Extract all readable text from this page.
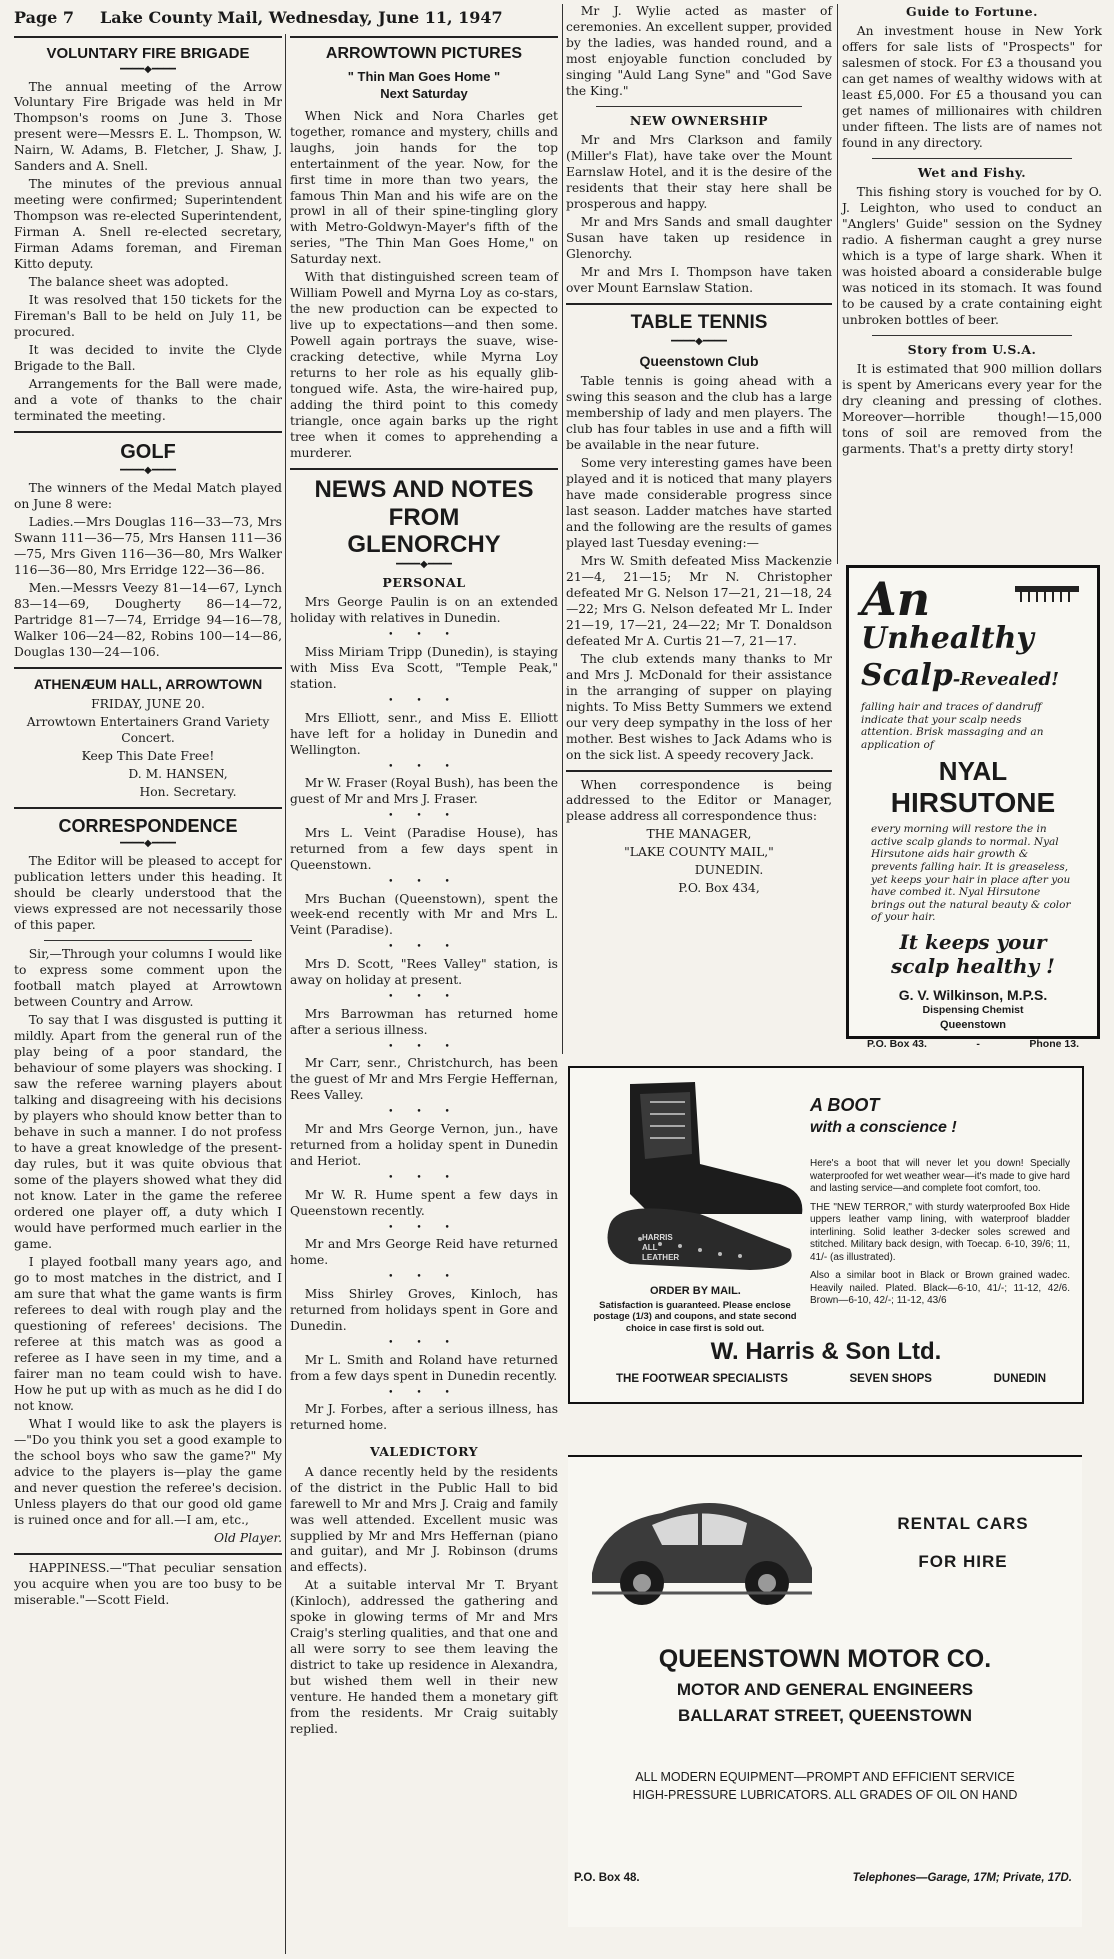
Page 7 Lake County Mail, Wednesday, June 11, 1947
VOLUNTARY FIRE BRIGADE
━━━━◆━━━━

The annual meeting of the Arrow Voluntary Fire Brigade was held in Mr Thompson's rooms on June 3. Those present were—Messrs E. L. Thompson, W. Nairn, W. Adams, B. Fletcher, J. Shaw, J. Sanders and A. Snell.

The minutes of the previous annual meeting were confirmed; Superintendent Thompson was re-elected Superintendent, Firman A. Snell re-elected secretary, Firman Adams foreman, and Fireman Kitto deputy.

The balance sheet was adopted.

It was resolved that 150 tickets for the Fireman's Ball to be held on July 11, be procured.

It was decided to invite the Clyde Brigade to the Ball.

Arrangements for the Ball were made, and a vote of thanks to the chair terminated the meeting.

GOLF
━━━━◆━━━━

The winners of the Medal Match played on June 8 were:

Ladies.—Mrs Douglas 116—33—73, Mrs Swann 111—36—75, Mrs Hansen 111—36—75, Mrs Given 116—36—80, Mrs Walker 116—36—80, Mrs Erridge 122—36—86.

Men.—Messrs Veezy 81—14—67, Lynch 83—14—69, Dougherty 86—14—72, Partridge 81—7—74, Erridge 94—16—78, Walker 106—24—82, Robins 100—14—86, Douglas 130—24—106.

ATHENÆUM HALL, ARROWTOWN

FRIDAY, JUNE 20.

Arrowtown Entertainers Grand Variety Concert.

Keep This Date Free!

D. M. HANSEN,

Hon. Secretary.

CORRESPONDENCE
━━━━◆━━━━

The Editor will be pleased to accept for publication letters under this heading. It should be clearly understood that the views expressed are not necessarily those of this paper.

Sir,—Through your columns I would like to express some comment upon the football match played at Arrowtown between Country and Arrow.

To say that I was disgusted is putting it mildly. Apart from the general run of the play being of a poor standard, the behaviour of some players was shocking. I saw the referee warning players about talking and disagreeing with his decisions by players who should know better than to behave in such a manner. I do not profess to have a great knowledge of the present-day rules, but it was quite obvious that some of the players showed what they did not know. Later in the game the referee ordered one player off, a duty which I would have performed much earlier in the game.

I played football many years ago, and go to most matches in the district, and I am sure that what the game wants is firm referees to deal with rough play and the questioning of referees' decisions. The referee at this match was as good a referee as I have seen in my time, and a fairer man no team could wish to have. How he put up with as much as he did I do not know.

What I would like to ask the players is—"Do you think you set a good example to the school boys who saw the game?" My advice to the players is—play the game and never question the referee's decision. Unless players do that our good old game is ruined once and for all.—I am, etc.,

Old Player.

HAPPINESS.—"That peculiar sensation you acquire when you are too busy to be miserable."—Scott Field.

ARROWTOWN PICTURES
" Thin Man Goes Home "
Next Saturday

When Nick and Nora Charles get together, romance and mystery, chills and laughs, join hands for the top entertainment of the year. Now, for the first time in more than two years, the famous Thin Man and his wife are on the prowl in all of their spine-tingling glory with Metro-Goldwyn-Mayer's fifth of the series, "The Thin Man Goes Home," on Saturday next.

With that distinguished screen team of William Powell and Myrna Loy as co-stars, the new production can be expected to live up to expectations—and then some. Powell again portrays the suave, wise-cracking detective, while Myrna Loy returns to her role as his equally glib-tongued wife. Asta, the wire-haired pup, adding the third point to this comedy triangle, once again barks up the right tree when it comes to apprehending a murderer.

NEWS AND NOTES FROM GLENORCHY
━━━━◆━━━━
PERSONAL

Mrs George Paulin is on an extended holiday with relatives in Dunedin.

• • •

Miss Miriam Tripp (Dunedin), is staying with Miss Eva Scott, "Temple Peak," station.

• • •

Mrs Elliott, senr., and Miss E. Elliott have left for a holiday in Dunedin and Wellington.

• • •

Mr W. Fraser (Royal Bush), has been the guest of Mr and Mrs J. Fraser.

• • •

Mrs L. Veint (Paradise House), has returned from a few days spent in Queenstown.

• • •

Mrs Buchan (Queenstown), spent the week-end recently with Mr and Mrs L. Veint (Paradise).

• • •

Mrs D. Scott, "Rees Valley" station, is away on holiday at present.

• • •

Mrs Barrowman has returned home after a serious illness.

• • •

Mr Carr, senr., Christchurch, has been the guest of Mr and Mrs Fergie Heffernan, Rees Valley.

• • •

Mr and Mrs George Vernon, jun., have returned from a holiday spent in Dunedin and Heriot.

• • •

Mr W. R. Hume spent a few days in Queenstown recently.

• • •

Mr and Mrs George Reid have returned home.

• • •

Miss Shirley Groves, Kinloch, has returned from holidays spent in Gore and Dunedin.

• • •

Mr L. Smith and Roland have returned from a few days spent in Dunedin recently.

• • •

Mr J. Forbes, after a serious illness, has returned home.

VALEDICTORY

A dance recently held by the residents of the district in the Public Hall to bid farewell to Mr and Mrs J. Craig and family was well attended. Excellent music was supplied by Mr and Mrs Heffernan (piano and guitar), and Mr J. Robinson (drums and effects).

At a suitable interval Mr T. Bryant (Kinloch), addressed the gathering and spoke in glowing terms of Mr and Mrs Craig's sterling qualities, and that one and all were sorry to see them leaving the district to take up residence in Alexandra, but wished them well in their new venture. He handed them a monetary gift from the residents. Mr Craig suitably replied.

Mr J. Wylie acted as master of ceremonies. An excellent supper, provided by the ladies, was handed round, and a most enjoyable function concluded by singing "Auld Lang Syne" and "God Save the King."

NEW OWNERSHIP

Mr and Mrs Clarkson and family (Miller's Flat), have take over the Mount Earnslaw Hotel, and it is the desire of the residents that their stay here shall be prosperous and happy.

Mr and Mrs Sands and small daughter Susan have taken up residence in Glenorchy.

Mr and Mrs I. Thompson have taken over Mount Earnslaw Station.

TABLE TENNIS
━━━━◆━━━━
Queenstown Club

Table tennis is going ahead with a swing this season and the club has a large membership of lady and men players. The club has four tables in use and a fifth will be available in the near future.

Some very interesting games have been played and it is noticed that many players have made considerable progress since last season. Ladder matches have started and the following are the results of games played last Tuesday evening:—

Mrs W. Smith defeated Miss Mackenzie 21—4, 21—15; Mr N. Christopher defeated Mr G. Nelson 17—21, 21—18, 24—22; Mrs G. Nelson defeated Mr L. Inder 21—19, 17—21, 24—22; Mr T. Donaldson defeated Mr A. Curtis 21—7, 21—17.

The club extends many thanks to Mr and Mrs J. McDonald for their assistance in the arranging of supper on playing nights. To Miss Betty Summers we extend our very deep sympathy in the loss of her mother. Best wishes to Jack Adams who is on the sick list. A speedy recovery Jack.

When correspondence is being addressed to the Editor or Manager, please address all correspondence thus:

THE MANAGER,

"LAKE COUNTY MAIL,"

DUNEDIN.

P.O. Box 434,

Guide to Fortune.

An investment house in New York offers for sale lists of "Prospects" for salesmen of stock. For £3 a thousand you can get names of wealthy widows with at least £5,000. For £5 a thousand you can get names of millionaires with children under fifteen. The lists are of names not found in any directory.

Wet and Fishy.

This fishing story is vouched for by O. J. Leighton, who used to conduct an "Anglers' Guide" session on the Sydney radio. A fisherman caught a grey nurse which is a type of large shark. When it was hoisted aboard a considerable bulge was noticed in its stomach. It was found to be caused by a crate containing eight unbroken bottles of beer.

Story from U.S.A.

It is estimated that 900 million dollars is spent by Americans every year for the dry cleaning and pressing of clothes. Moreover—horrible though!—15,000 tons of soil are removed from the garments. That's a pretty dirty story!

An
Unhealthy
Scalp-Revealed!
falling hair and traces of dandruff indicate that your scalp needs attention. Brisk massaging and an application of
NYAL
HIRSUTONE
every morning will restore the in active scalp glands to normal. Nyal Hirsutone aids hair growth & prevents falling hair. It is greaseless, yet keeps your hair in place after you have combed it. Nyal Hirsutone brings out the natural beauty & color of your hair.
It keeps your scalp healthy !
G. V. Wilkinson, M.P.S.
Dispensing Chemist
Queenstown
P.O. Box 43.	-	Phone 13.
HARRIS
ALL
LEATHER
A BOOT
with a conscience !
Here's a boot that will never let you down! Specially waterproofed for wet weather wear—it's made to give hard and lasting service—and complete foot comfort, too.
THE "NEW TERROR," with sturdy waterproofed Box Hide uppers leather vamp lining, with waterproof bladder interlining. Solid leather 3-decker soles screwed and stitched. Military back design, with Toecap. 6-10, 39/6; 11, 41/- (as illustrated).
Also a similar boot in Black or Brown grained wadec. Heavily nailed. Plated. Black—6-10, 41/-; 11-12, 42/6. Brown—6-10, 42/-; 11-12, 43/6
ORDER BY MAIL.
Satisfaction is guaranteed. Please enclose postage (1/3) and coupons, and state second choice in case first is sold out.
W. Harris & Son Ltd.
THE FOOTWEAR SPECIALISTS	SEVEN SHOPS	DUNEDIN
RENTAL CARS
FOR HIRE
QUEENSTOWN MOTOR CO.
MOTOR AND GENERAL ENGINEERS
BALLARAT STREET, QUEENSTOWN
ALL MODERN EQUIPMENT—PROMPT AND EFFICIENT SERVICE
HIGH-PRESSURE LUBRICATORS. ALL GRADES OF OIL ON HAND
P.O. Box 48.	Telephones—Garage, 17M; Private, 17D.
